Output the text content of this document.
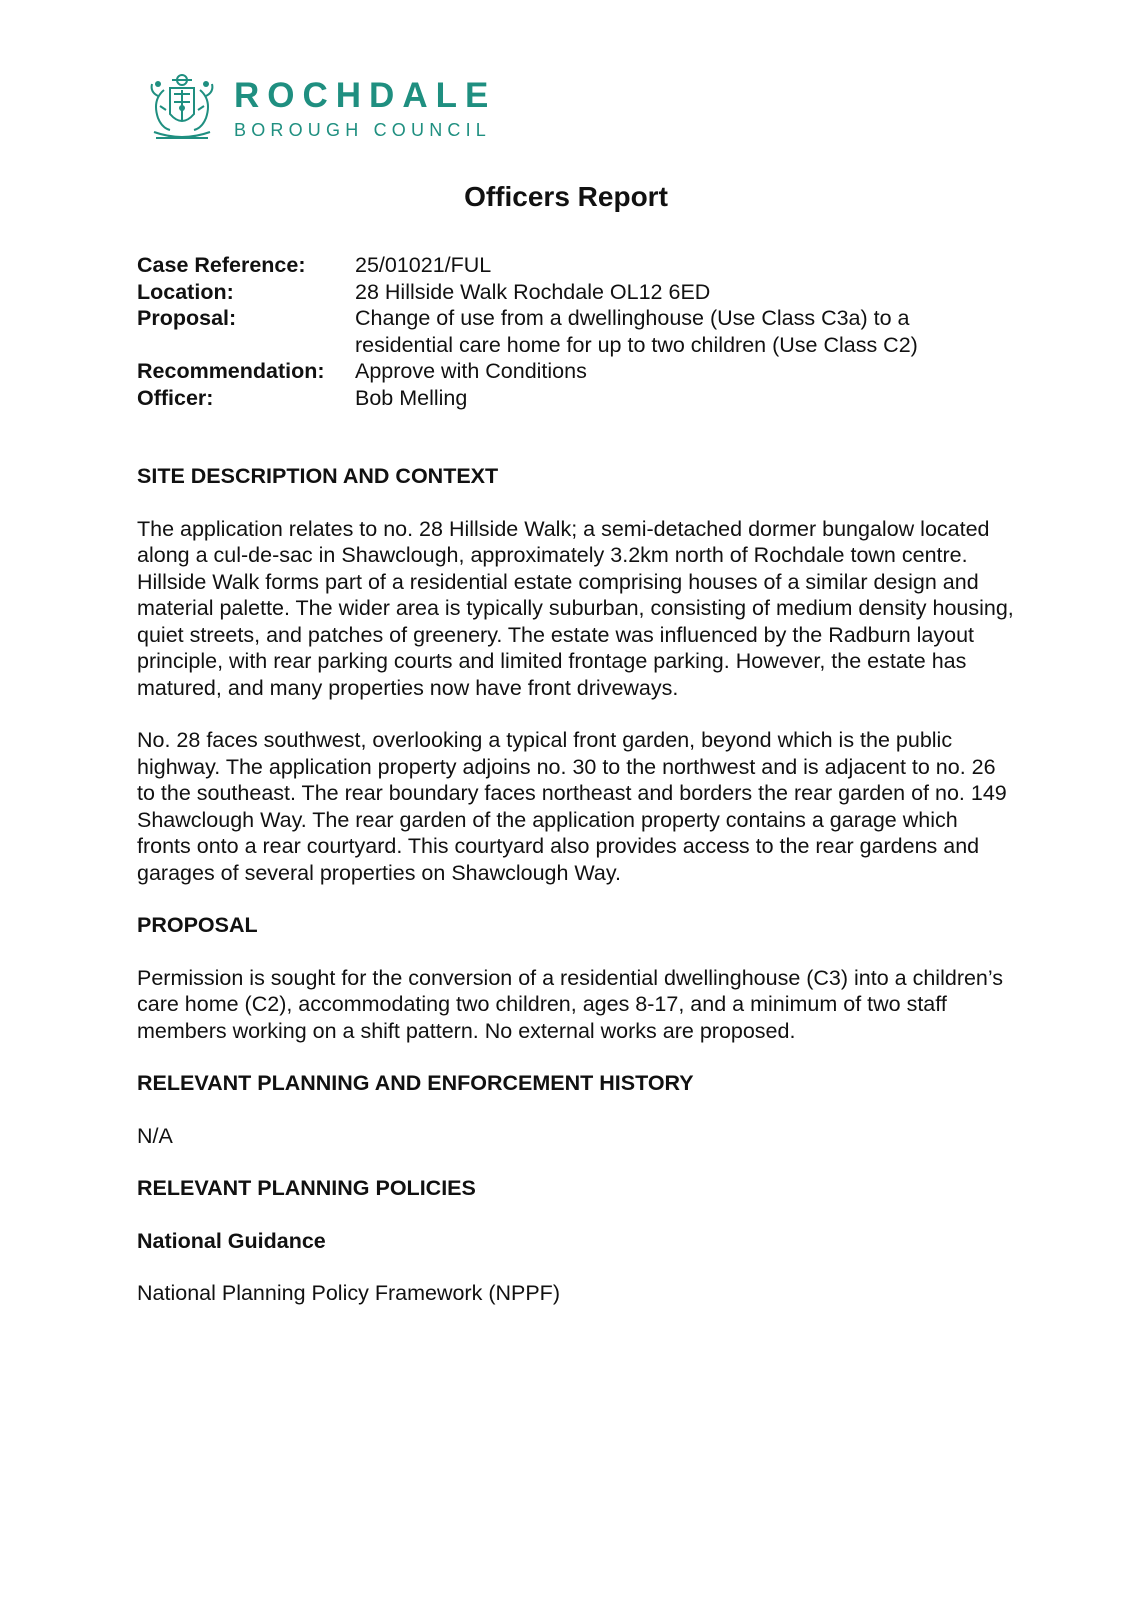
ROCHDALE
BOROUGH COUNCIL
Officers Report
Case Reference:	25/01021/FUL
Location:	28 Hillside Walk Rochdale OL12 6ED
Proposal:	Change of use from a dwellinghouse (Use Class C3a) to a residential care home for up to two children (Use Class C2)
Recommendation:	Approve with Conditions
Officer:	Bob Melling
SITE DESCRIPTION AND CONTEXT

The application relates to no. 28 Hillside Walk; a semi-detached dormer bungalow located along a cul-de-sac in Shawclough, approximately 3.2km north of Rochdale town centre. Hillside Walk forms part of a residential estate comprising houses of a similar design and material palette. The wider area is typically suburban, consisting of medium density housing, quiet streets, and patches of greenery. The estate was influenced by the Radburn layout principle, with rear parking courts and limited frontage parking. However, the estate has matured, and many properties now have front driveways.

No. 28 faces southwest, overlooking a typical front garden, beyond which is the public highway. The application property adjoins no. 30 to the northwest and is adjacent to no. 26 to the southeast. The rear boundary faces northeast and borders the rear garden of no. 149 Shawclough Way. The rear garden of the application property contains a garage which fronts onto a rear courtyard. This courtyard also provides access to the rear gardens and garages of several properties on Shawclough Way.

PROPOSAL

Permission is sought for the conversion of a residential dwellinghouse (C3) into a children’s care home (C2), accommodating two children, ages 8-17, and a minimum of two staff members working on a shift pattern. No external works are proposed.

RELEVANT PLANNING AND ENFORCEMENT HISTORY

N/A

RELEVANT PLANNING POLICIES
National Guidance

National Planning Policy Framework (NPPF)
